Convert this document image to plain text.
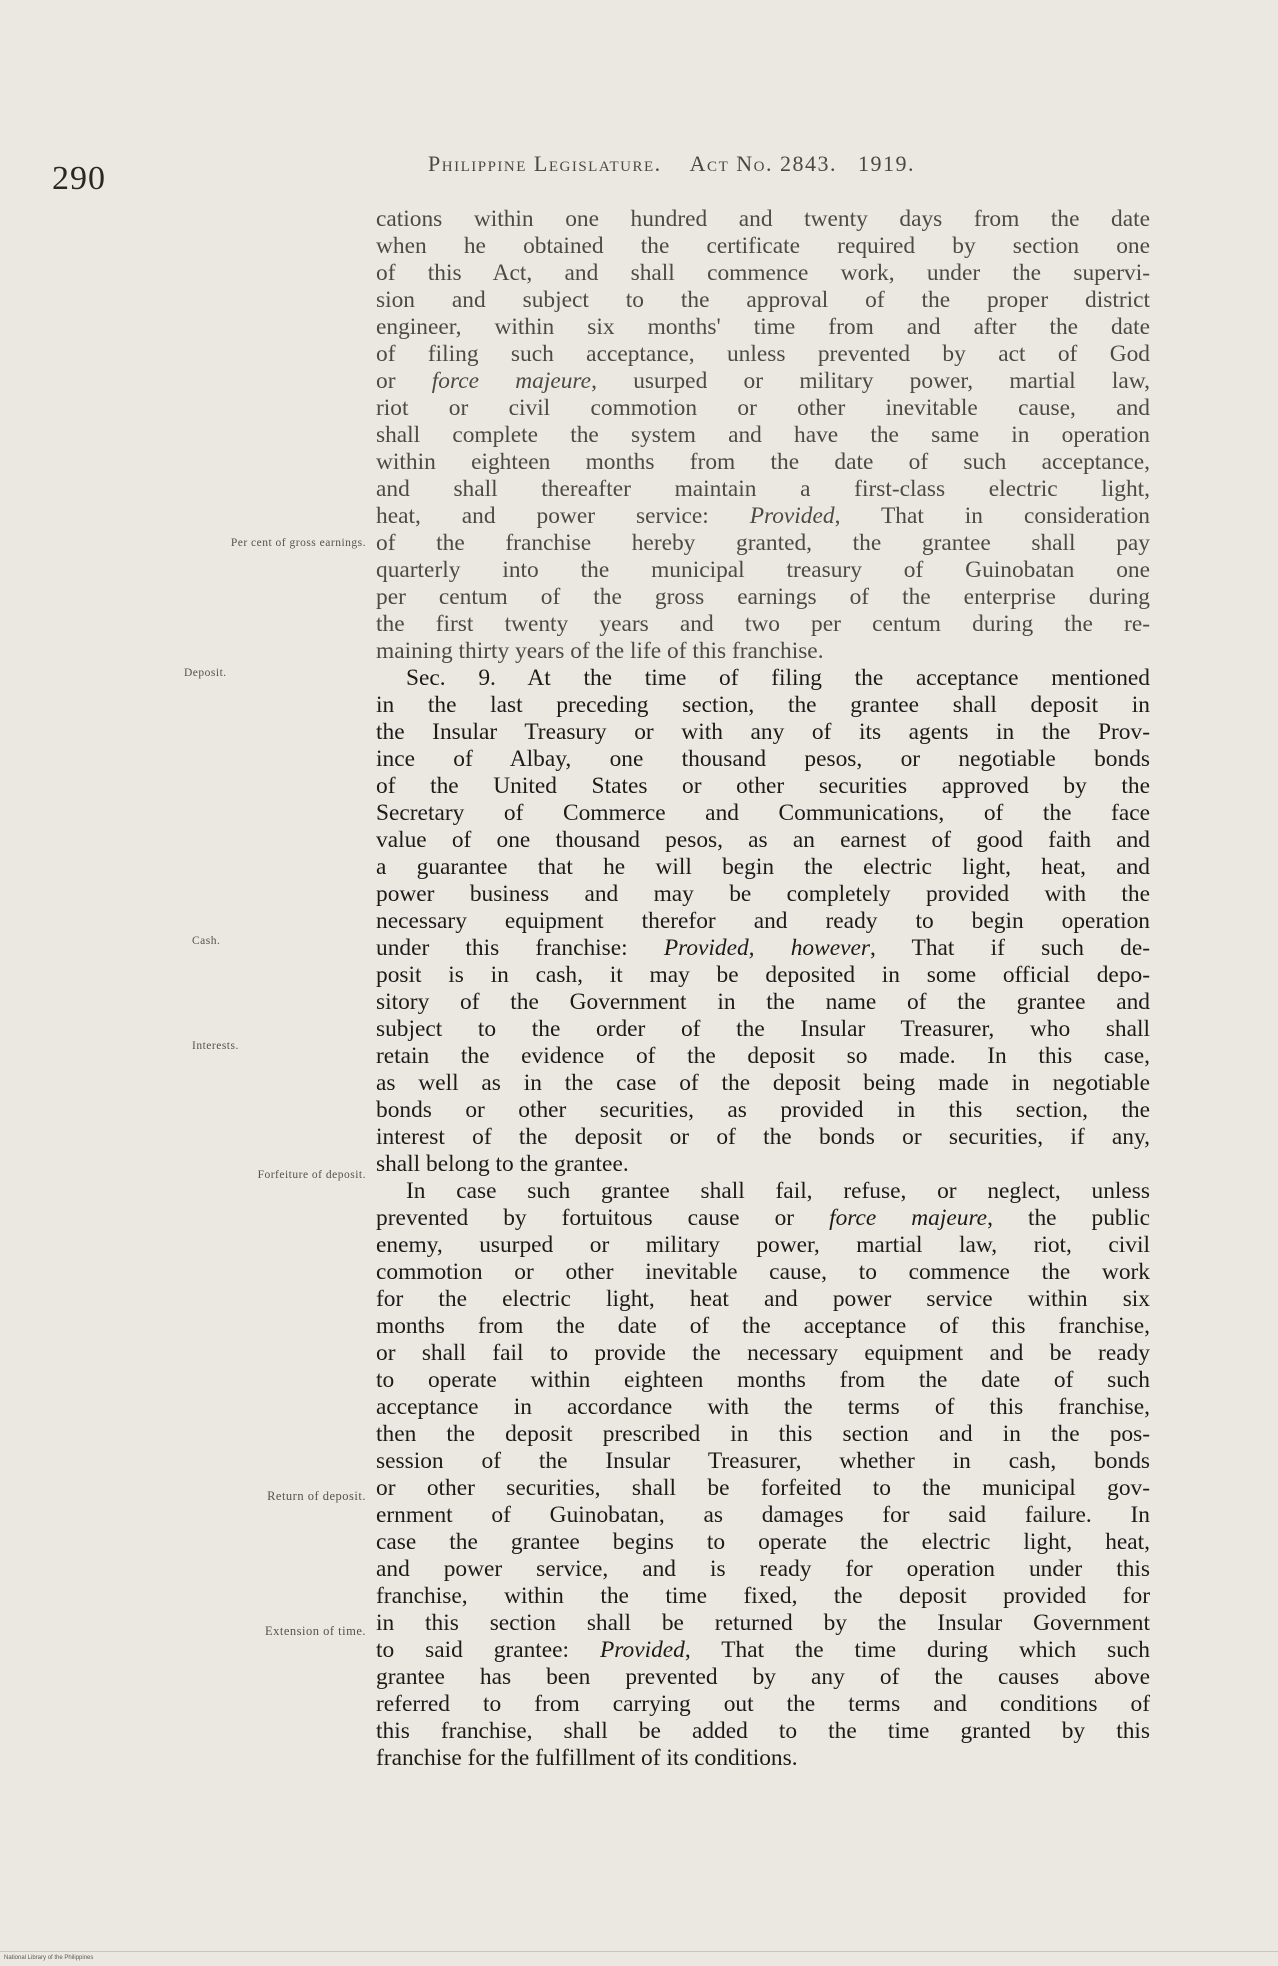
290	Philippine Legislature. Act No. 2843. 1919.
Per cent of gross earnings.
Deposit.
Cash.
Interests.
Forfeiture of deposit.
Return of deposit.
Extension of time.
cations within one hundred and twenty days from the date
when he obtained the certificate required by section one
of this Act, and shall commence work, under the supervi-
sion and subject to the approval of the proper district
engineer, within six months' time from and after the date
of filing such acceptance, unless prevented by act of God
or force majeure, usurped or military power, martial law,
riot or civil commotion or other inevitable cause, and
shall complete the system and have the same in operation
within eighteen months from the date of such acceptance,
and shall thereafter maintain a first-class electric light,
heat, and power service: Provided, That in consideration
of the franchise hereby granted, the grantee shall pay
quarterly into the municipal treasury of Guinobatan one
per centum of the gross earnings of the enterprise during
the first twenty years and two per centum during the re-
maining thirty years of the life of this franchise.
Sec. 9. At the time of filing the acceptance mentioned
in the last preceding section, the grantee shall deposit in
the Insular Treasury or with any of its agents in the Prov-
ince of Albay, one thousand pesos, or negotiable bonds
of the United States or other securities approved by the
Secretary of Commerce and Communications, of the face
value of one thousand pesos, as an earnest of good faith and
a guarantee that he will begin the electric light, heat, and
power business and may be completely provided with the
necessary equipment therefor and ready to begin operation
under this franchise: Provided, however, That if such de-
posit is in cash, it may be deposited in some official depo-
sitory of the Government in the name of the grantee and
subject to the order of the Insular Treasurer, who shall
retain the evidence of the deposit so made. In this case,
as well as in the case of the deposit being made in negotiable
bonds or other securities, as provided in this section, the
interest of the deposit or of the bonds or securities, if any,
shall belong to the grantee.
In case such grantee shall fail, refuse, or neglect, unless
prevented by fortuitous cause or force majeure, the public
enemy, usurped or military power, martial law, riot, civil
commotion or other inevitable cause, to commence the work
for the electric light, heat and power service within six
months from the date of the acceptance of this franchise,
or shall fail to provide the necessary equipment and be ready
to operate within eighteen months from the date of such
acceptance in accordance with the terms of this franchise,
then the deposit prescribed in this section and in the pos-
session of the Insular Treasurer, whether in cash, bonds
or other securities, shall be forfeited to the municipal gov-
ernment of Guinobatan, as damages for said failure. In
case the grantee begins to operate the electric light, heat,
and power service, and is ready for operation under this
franchise, within the time fixed, the deposit provided for
in this section shall be returned by the Insular Government
to said grantee: Provided, That the time during which such
grantee has been prevented by any of the causes above
referred to from carrying out the terms and conditions of
this franchise, shall be added to the time granted by this
franchise for the fulfillment of its conditions.
National Library of the Philippines
